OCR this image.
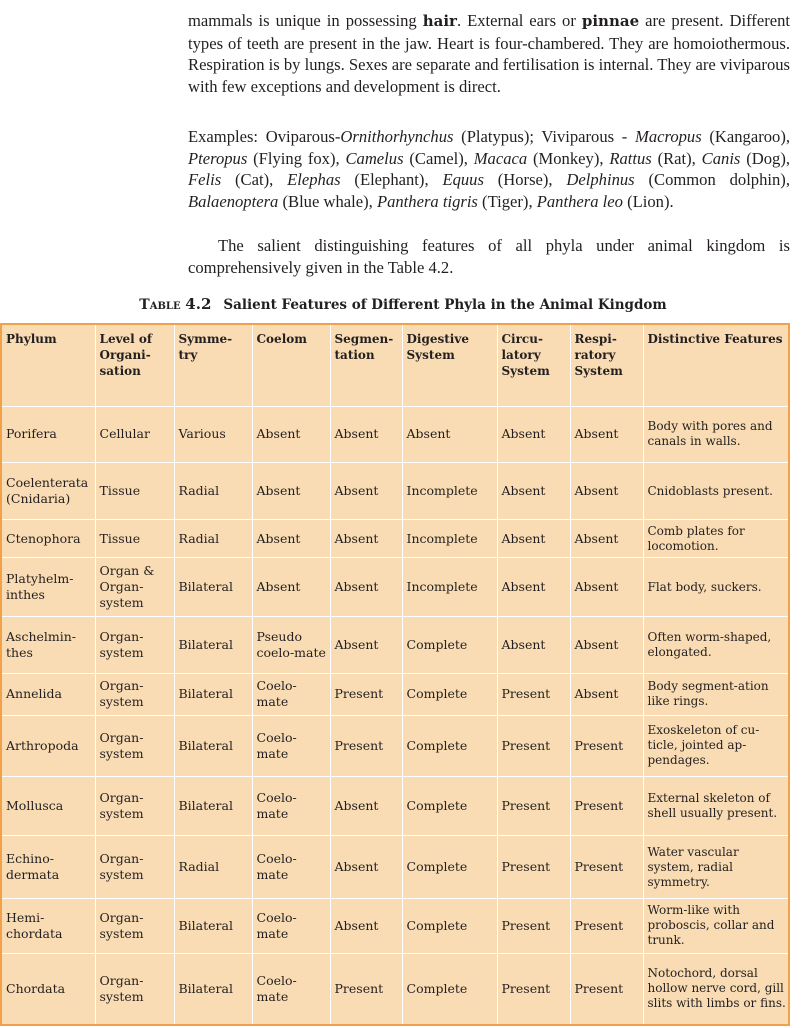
mammals is unique in possessing hair. External ears or pinnae are present. Different types of teeth are present in the jaw. Heart is four-chambered. They are homoiothermous. Respiration is by lungs. Sexes are separate and fertilisation is internal. They are viviparous with few exceptions and development is direct.

Examples: Oviparous-Ornithorhynchus (Platypus); Viviparous - Macropus (Kangaroo), Pteropus (Flying fox), Camelus (Camel), Macaca (Monkey), Rattus (Rat), Canis (Dog), Felis (Cat), Elephas (Elephant), Equus (Horse), Delphinus (Common dolphin), Balaenoptera (Blue whale), Panthera tigris (Tiger), Panthera leo (Lion).

The salient distinguishing features of all phyla under animal kingdom is comprehensively given in the Table 4.2.

Table 4.2 Salient Features of Different Phyla in the Animal Kingdom
Phylum	Level of Organi-sation	Symme-try	Coelom	Segmen-tation	Digestive System	Circu-latory System	Respi-ratory System	Distinctive Features
Porifera	Cellular	Various	Absent	Absent	Absent	Absent	Absent	Body with pores and canals in walls.
Coelenterata (Cnidaria)	Tissue	Radial	Absent	Absent	Incomplete	Absent	Absent	Cnidoblasts present.
Ctenophora	Tissue	Radial	Absent	Absent	Incomplete	Absent	Absent	Comb plates for locomotion.
Platyhelm-inthes	Organ & Organ-system	Bilateral	Absent	Absent	Incomplete	Absent	Absent	Flat body, suckers.
Aschelmin-thes	Organ-system	Bilateral	Pseudo coelo-mate	Absent	Complete	Absent	Absent	Often worm-shaped, elongated.
Annelida	Organ-system	Bilateral	Coelo-mate	Present	Complete	Present	Absent	Body segment-ation like rings.
Arthropoda	Organ-system	Bilateral	Coelo-mate	Present	Complete	Present	Present	Exoskeleton of cu-ticle, jointed ap-pendages.
Mollusca	Organ-system	Bilateral	Coelo-mate	Absent	Complete	Present	Present	External skeleton of shell usually present.
Echino-dermata	Organ-system	Radial	Coelo-mate	Absent	Complete	Present	Present	Water vascular system, radial symmetry.
Hemi-chordata	Organ-system	Bilateral	Coelo-mate	Absent	Complete	Present	Present	Worm-like with proboscis, collar and trunk.
Chordata	Organ-system	Bilateral	Coelo-mate	Present	Complete	Present	Present	Notochord, dorsal hollow nerve cord, gill slits with limbs or fins.
